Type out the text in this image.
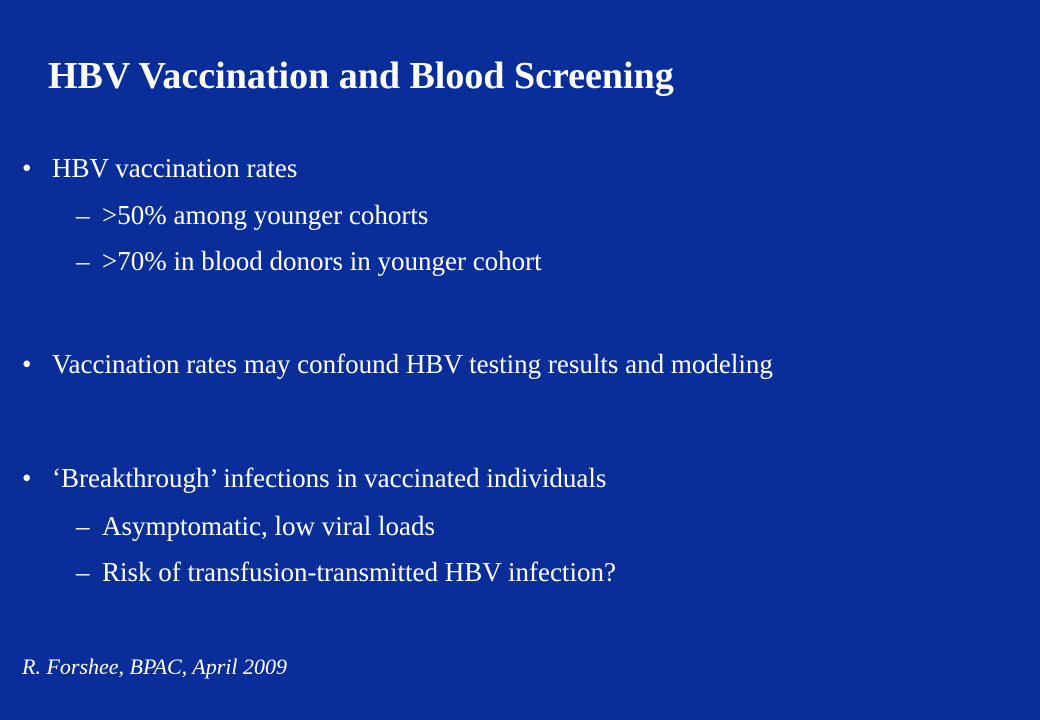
HBV Vaccination and Blood Screening
• HBV vaccination rates
– >50% among younger cohorts
– >70% in blood donors in younger cohort
• Vaccination rates may confound HBV testing results and modeling
• ‘Breakthrough’ infections in vaccinated individuals
– Asymptomatic, low viral loads
– Risk of transfusion-transmitted HBV infection?
R. Forshee, BPAC, April 2009
